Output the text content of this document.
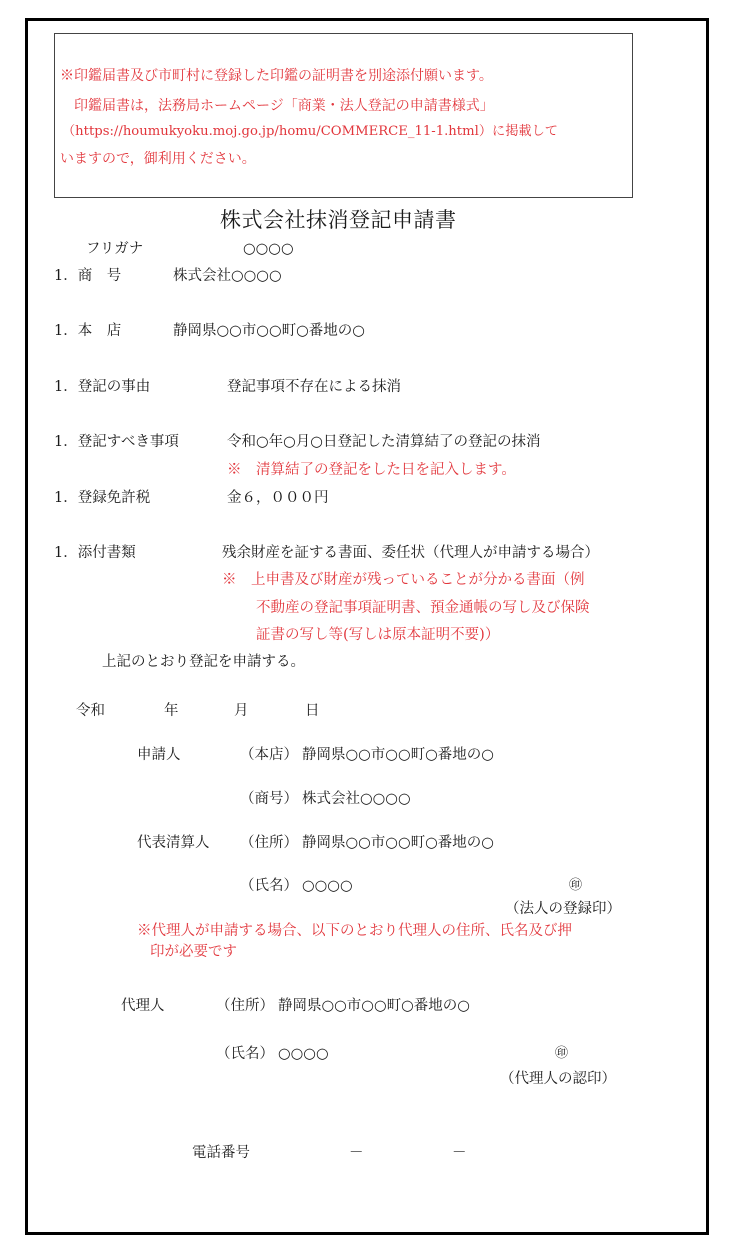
※印鑑届書及び市町村に登録した印鑑の証明書を別途添付願います。
　印鑑届書は，法務局ホームページ「商業・法人登記の申請書様式」
（https://houmukyoku.moj.go.jp/homu/COMMERCE_11-1.html）に掲載して
いますので，御利用ください。
株式会社抹消登記申請書
フリガナ	○○○○
1．商　号	株式会社○○○○
1．本　店	静岡県○○市○○町○番地の○
1．登記の事由	登記事項不存在による抹消
1．登記すべき事項	令和○年○月○日登記した清算結了の登記の抹消
※　清算結了の登記をした日を記入します。
1．登録免許税	金６，０００円
1．添付書類	残余財産を証する書面、委任状（代理人が申請する場合）
※　上申書及び財産が残っていることが分かる書面（例
不動産の登記事項証明書、預金通帳の写し及び保険
証書の写し等(写しは原本証明不要)）
上記のとおり登記を申請する。
令和	年	月	日
申請人	（本店） 静岡県○○市○○町○番地の○
（商号） 株式会社○○○○
代表清算人 （住所） 静岡県○○市○○町○番地の○
（氏名） ○○○○	㊞
（法人の登録印）
※代理人が申請する場合、以下のとおり代理人の住所、氏名及び押
印が必要です
代理人	（住所） 静岡県○○市○○町○番地の○
（氏名） ○○○○	㊞
（代理人の認印）
電話番号	－	－
